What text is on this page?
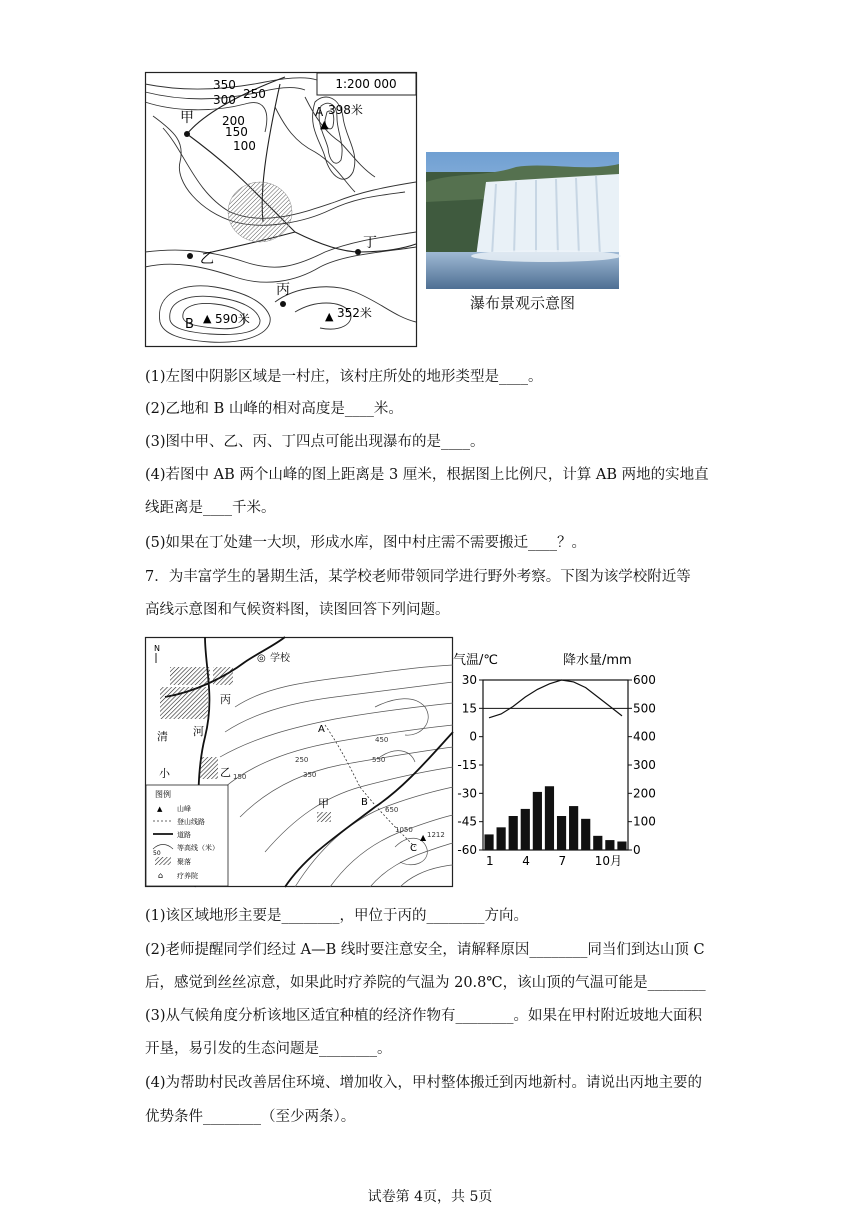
1:200 000
350
300 250
200
150
100
甲
乙
丙
丁
A
▲
398米
B ▲ 590米	▲ 352米
瀑布景观示意图
(1)左图中阴影区域是一村庄，该村庄所处的地形类型是____。
(2)乙地和 B 山峰的相对高度是____米。
(3)图中甲、乙、丙、丁四点可能出现瀑布的是____。
(4)若图中 AB 两个山峰的图上距离是 3 厘米，根据图上比例尺，计算 AB 两地的实地直
线距离是____千米。
(5)如果在丁处建一大坝，形成水库，图中村庄需不需要搬迁____？。
7．为丰富学生的暑期生活，某学校老师带领同学进行野外考察。下图为该学校附近等
高线示意图和气候资料图，读图回答下列问题。
N
◎ 学校
丙
乙
甲
清 河
小
A
B
C
▲
150
250
350
450
550
650
1050
1212
图例
▲ 山峰
登山线路
道路
50
等高线（米）
聚落
⌂ 疗养院
气温/℃	降水量/mm
30
15
0
-15
-30
-45
-60
600
500
400
300
200
100
0
1 4 7 10月
(1)该区域地形主要是________，甲位于丙的________方向。
(2)老师提醒同学们经过 A—B 线时要注意安全，请解释原因________同当们到达山顶 C
后，感觉到丝丝凉意，如果此时疗养院的气温为 20.8℃，该山顶的气温可能是________
(3)从气候角度分析该地区适宜种植的经济作物有________。如果在甲村附近坡地大面积
开垦，易引发的生态问题是________。
(4)为帮助村民改善居住环境、增加收入，甲村整体搬迁到丙地新村。请说出丙地主要的
优势条件________（至少两条）。
试卷第 4页，共 5页
